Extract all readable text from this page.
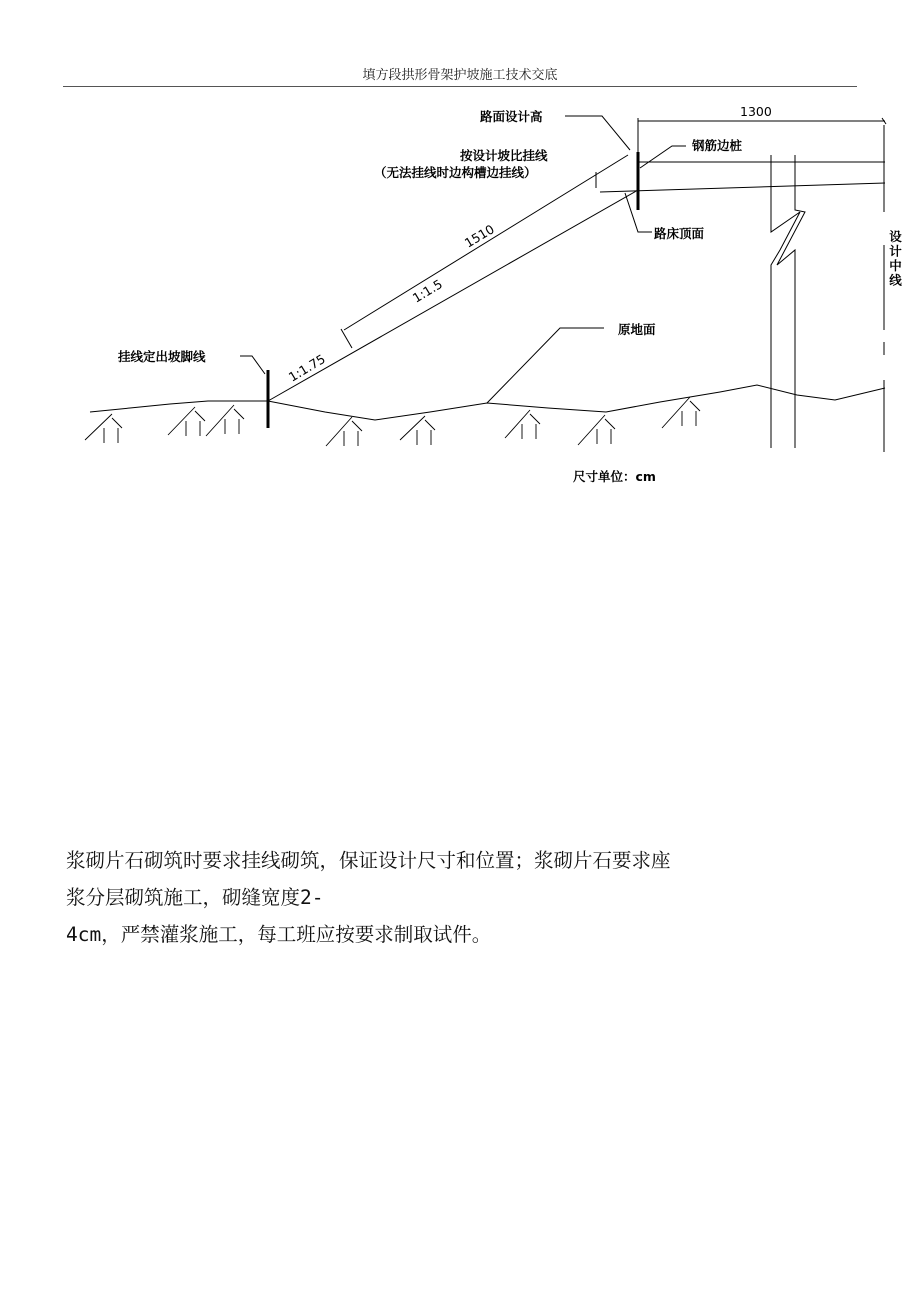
填方段拱形骨架护坡施工技术交底
路面设计高	1300
按设计坡比挂线
（无法挂线时边构槽边挂线）
钢筋边桩
路床顶面	设计中线
1510
1:1.5
1:1.75
挂线定出坡脚线
原地面
尺寸单位：cm

浆砌片石砌筑时要求挂线砌筑，保证设计尺寸和位置；浆砌片石要求座

浆分层砌筑施工，砌缝宽度2-

4cm，严禁灌浆施工，每工班应按要求制取试件。
